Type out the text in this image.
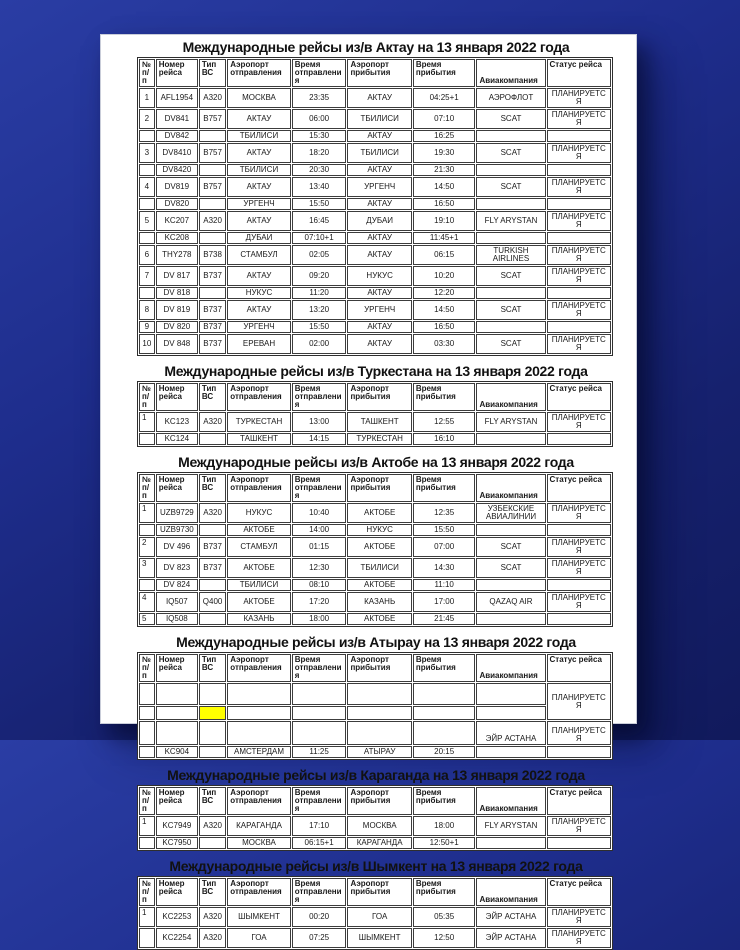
Международные рейсы из/в Актау на 13 января 2022 года
№ п/п	Номер рейса	Тип ВС	Аэропорт отправления	Время отправления	Аэропорт прибытия	Время прибытия	Авиакомпания	Статус рейса
1	AFL1954	A320	МОСКВА	23:35	АКТАУ	04:25+1	АЭРОФЛОТ	ПЛАНИРУЕТСЯ
2	DV841	B757	АКТАУ	06:00	ТБИЛИСИ	07:10	SCAT	ПЛАНИРУЕТСЯ
	DV842		ТБИЛИСИ	15:30	АКТАУ	16:25		
3	DV8410	B757	АКТАУ	18:20	ТБИЛИСИ	19:30	SCAT	ПЛАНИРУЕТСЯ
	DV8420		ТБИЛИСИ	20:30	АКТАУ	21:30		
4	DV819	B757	АКТАУ	13:40	УРГЕНЧ	14:50	SCAT	ПЛАНИРУЕТСЯ
	DV820		УРГЕНЧ	15:50	АКТАУ	16:50		
5	KC207	A320	АКТАУ	16:45	ДУБАИ	19:10	FLY ARYSTAN	ПЛАНИРУЕТСЯ
	KC208		ДУБАИ	07:10+1	АКТАУ	11:45+1		
6	THY278	B738	СТАМБУЛ	02:05	АКТАУ	06:15	TURKISH AIRLINES	ПЛАНИРУЕТСЯ
7	DV 817	B737	АКТАУ	09:20	НУКУС	10:20	SCAT	ПЛАНИРУЕТСЯ
	DV 818		НУКУС	11:20	АКТАУ	12:20		
8	DV 819	B737	АКТАУ	13:20	УРГЕНЧ	14:50	SCAT	ПЛАНИРУЕТСЯ
9	DV 820	B737	УРГЕНЧ	15:50	АКТАУ	16:50		
10	DV 848	B737	ЕРЕВАН	02:00	АКТАУ	03:30	SCAT	ПЛАНИРУЕТСЯ
Международные рейсы из/в Туркестана на 13 января 2022 года
№ п/п	Номер рейса	Тип ВС	Аэропорт отправления	Время отправления	Аэропорт прибытия	Время прибытия	Авиакомпания	Статус рейса
1	KC123	A320	ТУРКЕСТАН	13:00	ТАШКЕНТ	12:55	FLY ARYSTAN	ПЛАНИРУЕТСЯ
	KC124		ТАШКЕНТ	14:15	ТУРКЕСТАН	16:10		
Международные рейсы из/в Актобе на 13 января 2022 года
№ п/п	Номер рейса	Тип ВС	Аэропорт отправления	Время отправления	Аэропорт прибытия	Время прибытия	Авиакомпания	Статус рейса
1	UZB9729	A320	НУКУС	10:40	АКТОБЕ	12:35	УЗБЕКСКИЕ АВИАЛИНИИ	ПЛАНИРУЕТСЯ
	UZB9730		АКТОБЕ	14:00	НУКУС	15:50		
2	DV 496	B737	СТАМБУЛ	01:15	АКТОБЕ	07:00	SCAT	ПЛАНИРУЕТСЯ
3	DV 823	B737	АКТОБЕ	12:30	ТБИЛИСИ	14:30	SCAT	ПЛАНИРУЕТСЯ
	DV 824		ТБИЛИСИ	08:10	АКТОБЕ	11:10		
4	IQ507	Q400	АКТОБЕ	17:20	КАЗАНЬ	17:00	QAZAQ AIR	ПЛАНИРУЕТСЯ
5	IQ508		КАЗАНЬ	18:00	АКТОБЕ	21:45		
Международные рейсы из/в Атырау на 13 января 2022 года
№ п/п	Номер рейса	Тип ВС	Аэропорт отправления	Время отправления	Аэропорт прибытия	Время прибытия	Авиакомпания	Статус рейса
								ПЛАНИРУЕТСЯ

							ЭЙР АСТАНА	ПЛАНИРУЕТСЯ
	KC904		АМСТЕРДАМ	11:25	АТЫРАУ	20:15		
Международные рейсы из/в Караганда на 13 января 2022 года
№ п/п	Номер рейса	Тип ВС	Аэропорт отправления	Время отправления	Аэропорт прибытия	Время прибытия	Авиакомпания	Статус рейса
1	KC7949	A320	КАРАГАНДА	17:10	МОСКВА	18:00	FLY ARYSTAN	ПЛАНИРУЕТСЯ
	KC7950		МОСКВА	06:15+1	КАРАГАНДА	12:50+1		
Международные рейсы из/в Шымкент на 13 января 2022 года
№ п/п	Номер рейса	Тип ВС	Аэропорт отправления	Время отправления	Аэропорт прибытия	Время прибытия	Авиакомпания	Статус рейса
1	KC2253	A320	ШЫМКЕНТ	00:20	ГОА	05:35	ЭЙР АСТАНА	ПЛАНИРУЕТСЯ
	KC2254	A320	ГОА	07:25	ШЫМКЕНТ	12:50	ЭЙР АСТАНА	ПЛАНИРУЕТСЯ
